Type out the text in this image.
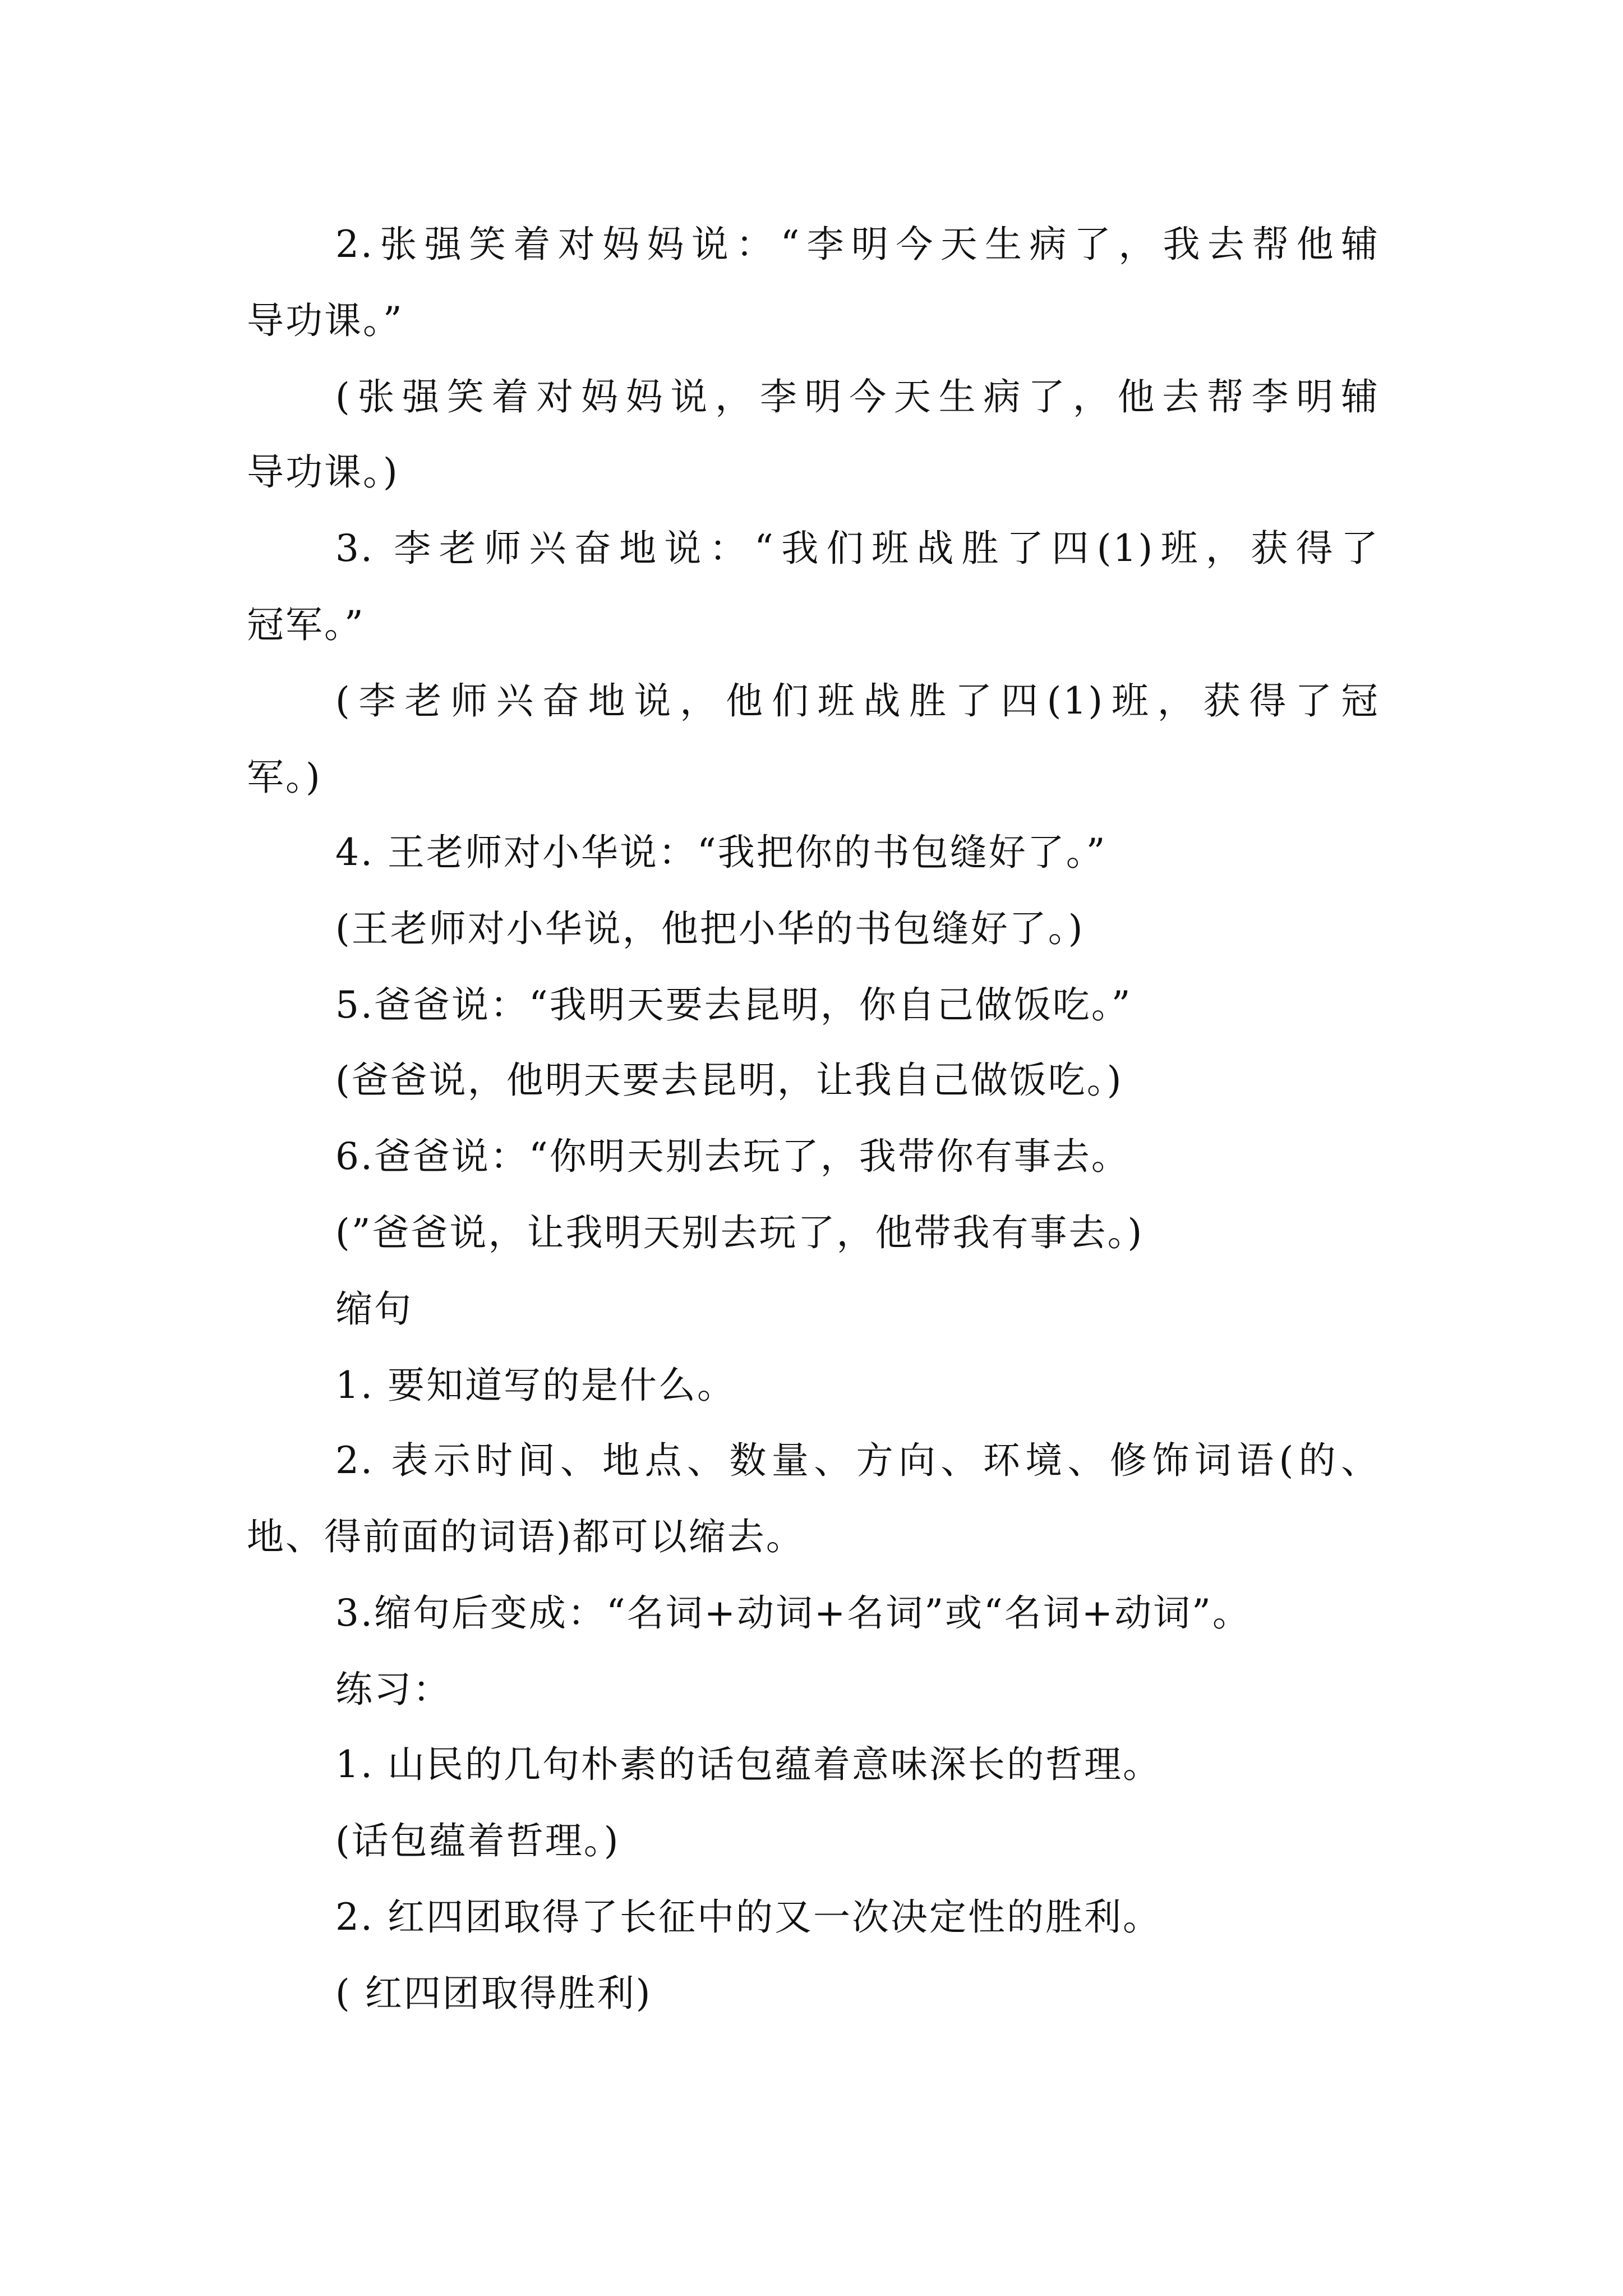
2.张强笑着对妈妈说：“李明今天生病了，我去帮他辅

导功课。”

(张强笑着对妈妈说，李明今天生病了，他去帮李明辅

导功课。)

3. 李老师兴奋地说：“我们班战胜了四(1)班，获得了

冠军。”

(李老师兴奋地说，他们班战胜了四(1)班，获得了冠

军。)

4. 王老师对小华说：“我把你的书包缝好了。”

(王老师对小华说，他把小华的书包缝好了。)

5.爸爸说：“我明天要去昆明，你自己做饭吃。”

(爸爸说，他明天要去昆明，让我自己做饭吃。)

6.爸爸说：“你明天别去玩了，我带你有事去。

(”爸爸说，让我明天别去玩了，他带我有事去。)

缩句

1. 要知道写的是什么。

2. 表示时间、地点、数量、方向、环境、修饰词语(的、

地、得前面的词语)都可以缩去。

3.缩句后变成：“名词+动词+名词”或“名词+动词”。

练习：

1. 山民的几句朴素的话包蕴着意味深长的哲理。

(话包蕴着哲理。)

2. 红四团取得了长征中的又一次决定性的胜利。

( 红四团取得胜利)
